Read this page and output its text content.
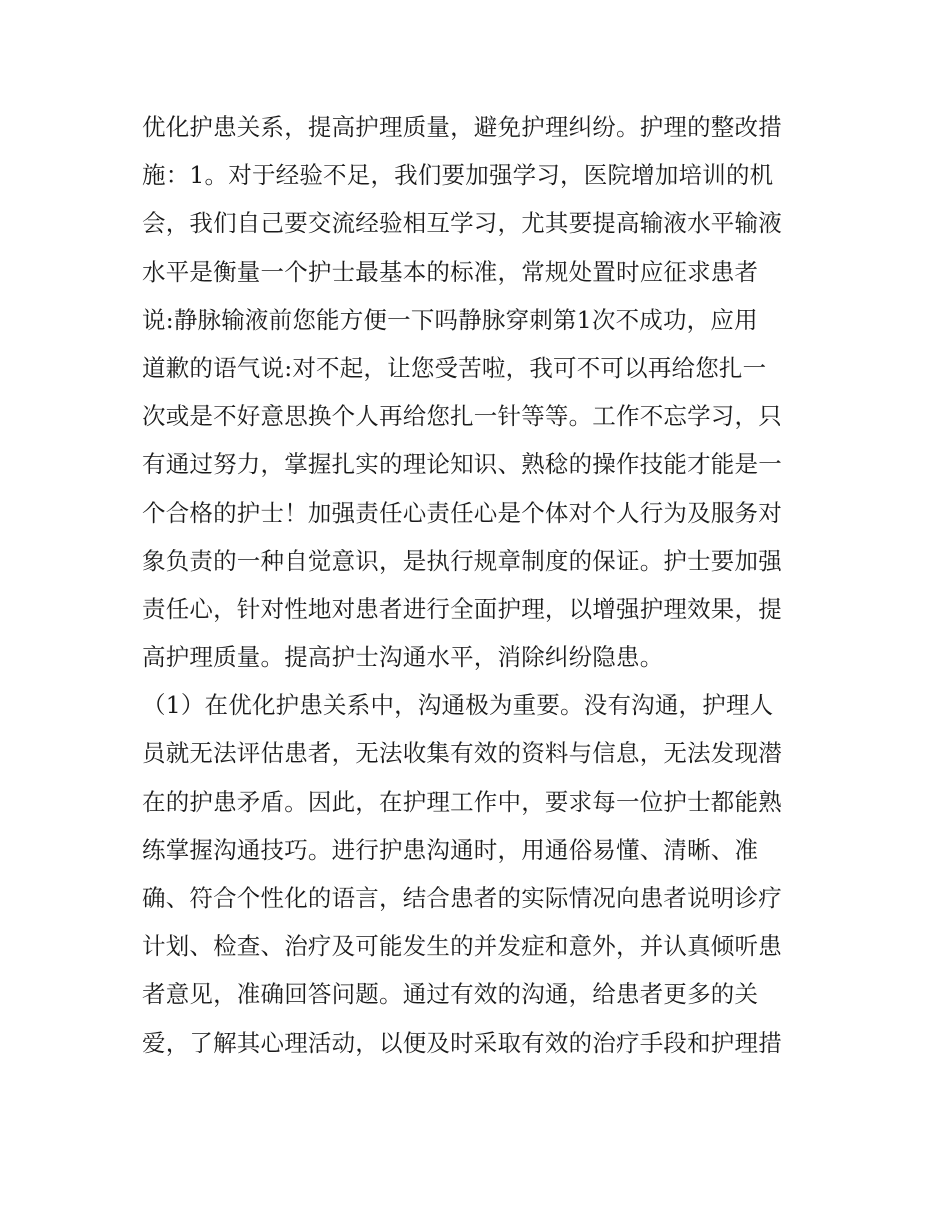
优化护患关系，提高护理质量，避免护理纠纷。护理的整改措
施：1。对于经验不足，我们要加强学习，医院增加培训的机
会，我们自己要交流经验相互学习，尤其要提高输液水平输液
水平是衡量一个护士最基本的标准，常规处置时应征求患者
说:静脉输液前您能方便一下吗静脉穿刺第1次不成功，应用
道歉的语气说:对不起，让您受苦啦，我可不可以再给您扎一
次或是不好意思换个人再给您扎一针等等。工作不忘学习，只
有通过努力，掌握扎实的理论知识、熟稔的操作技能才能是一
个合格的护士！加强责任心责任心是个体对个人行为及服务对
象负责的一种自觉意识，是执行规章制度的保证。护士要加强
责任心，针对性地对患者进行全面护理，以增强护理效果，提
高护理质量。提高护士沟通水平，消除纠纷隐患。
（1）在优化护患关系中，沟通极为重要。没有沟通，护理人
员就无法评估患者，无法收集有效的资料与信息，无法发现潜
在的护患矛盾。因此，在护理工作中，要求每一位护士都能熟
练掌握沟通技巧。进行护患沟通时，用通俗易懂、清晰、准
确、符合个性化的语言，结合患者的实际情况向患者说明诊疗
计划、检查、治疗及可能发生的并发症和意外，并认真倾听患
者意见，准确回答问题。通过有效的沟通，给患者更多的关
爱，了解其心理活动，以便及时采取有效的治疗手段和护理措
